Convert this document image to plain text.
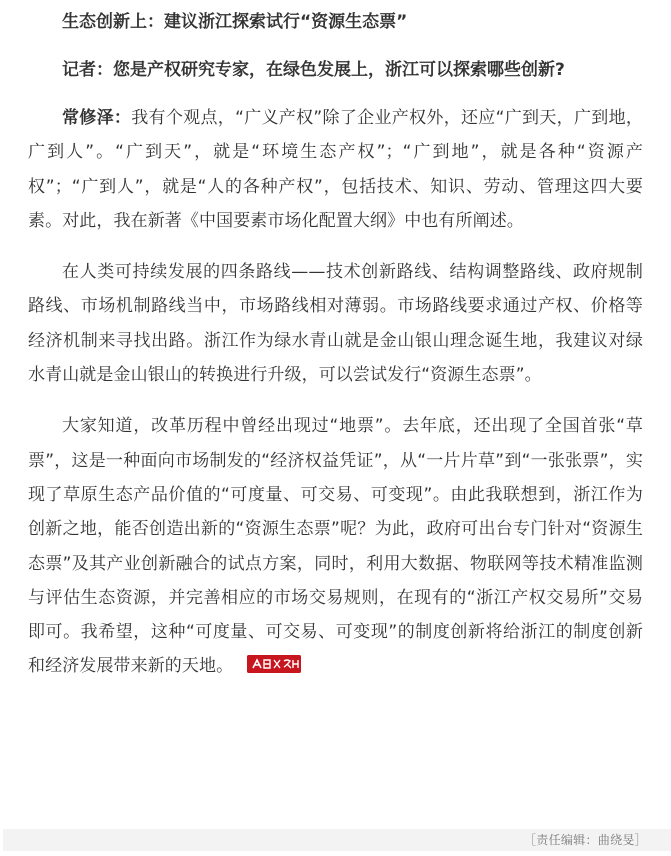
生态创新上：建议浙江探索试行“资源生态票”
记者：您是产权研究专家，在绿色发展上，浙江可以探索哪些创新?

常修泽：我有个观点，“广义产权”除了企业产权外，还应“广到天，广到地，广到人”。“广到天”，就是“环境生态产权”；“广到地”，就是各种“资源产权”；“广到人”，就是“人的各种产权”，包括技术、知识、劳动、管理这四大要素。对此，我在新著《中国要素市场化配置大纲》中也有所阐述。

在人类可持续发展的四条路线——技术创新路线、结构调整路线、政府规制路线、市场机制路线当中，市场路线相对薄弱。市场路线要求通过产权、价格等经济机制来寻找出路。浙江作为绿水青山就是金山银山理念诞生地，我建议对绿水青山就是金山银山的转换进行升级，可以尝试发行“资源生态票”。

大家知道，改革历程中曾经出现过“地票”。去年底，还出现了全国首张“草票”，这是一种面向市场制发的“经济权益凭证”，从“一片片草”到“一张张票”，实现了草原生态产品价值的“可度量、可交易、可变现”。由此我联想到，浙江作为创新之地，能否创造出新的“资源生态票”呢？为此，政府可出台专门针对“资源生态票”及其产业创新融合的试点方案，同时，利用大数据、物联网等技术精准监测与评估生态资源，并完善相应的市场交易规则，在现有的“浙江产权交易所”交易即可。我希望，这种“可度量、可交易、可变现”的制度创新将给浙江的制度创新和经济发展带来新的天地。

［责任编辑：曲绕旻］
